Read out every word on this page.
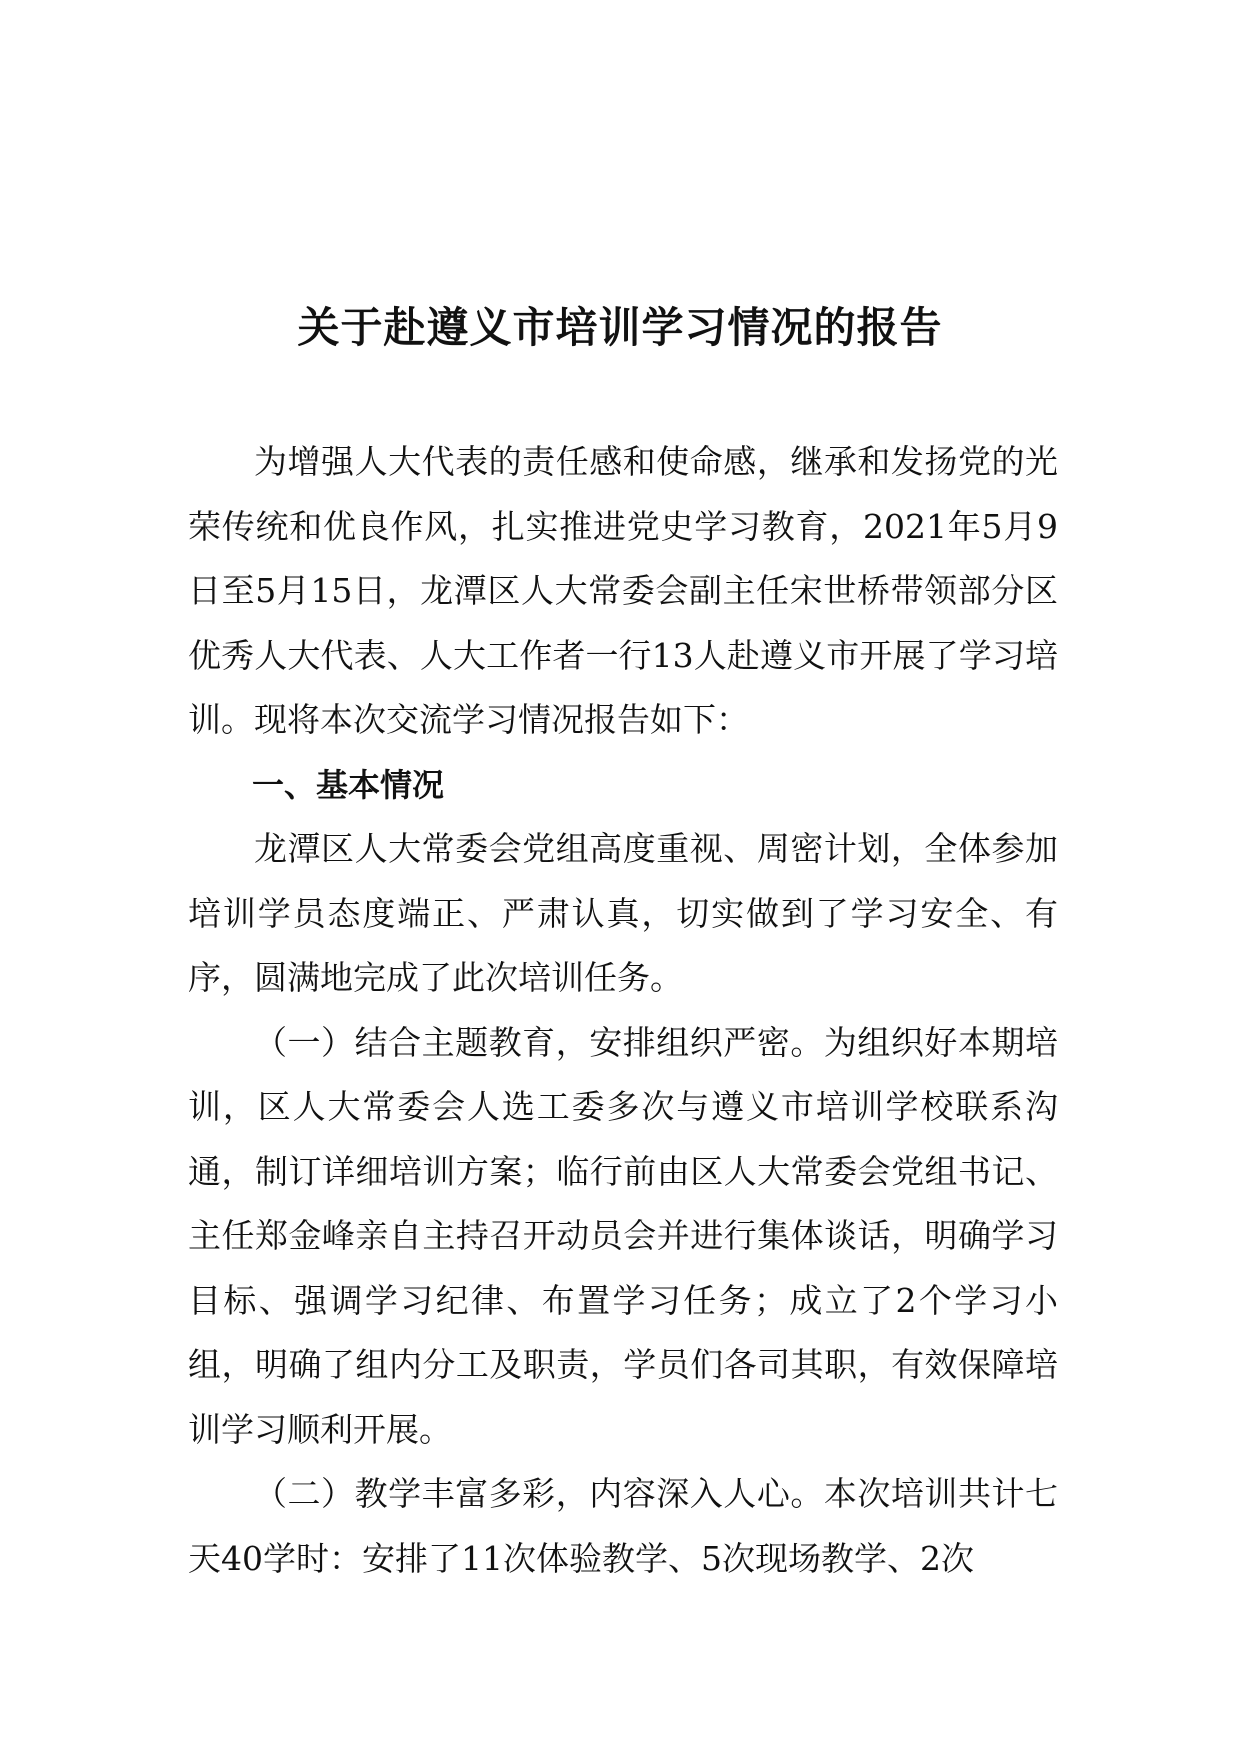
关于赴遵义市培训学习情况的报告

为增强人大代表的责任感和使命感，继承和发扬党的光荣传统和优良作风，扎实推进党史学习教育，2021年5月9日至5月15日，龙潭区人大常委会副主任宋世桥带领部分区优秀人大代表、人大工作者一行13人赴遵义市开展了学习培训。现将本次交流学习情况报告如下：

一、基本情况

龙潭区人大常委会党组高度重视、周密计划，全体参加培训学员态度端正、严肃认真，切实做到了学习安全、有序，圆满地完成了此次培训任务。

（一）结合主题教育，安排组织严密。为组织好本期培训，区人大常委会人选工委多次与遵义市培训学校联系沟通，制订详细培训方案；临行前由区人大常委会党组书记、主任郑金峰亲自主持召开动员会并进行集体谈话，明确学习目标、强调学习纪律、布置学习任务；成立了2个学习小组，明确了组内分工及职责，学员们各司其职，有效保障培训学习顺利开展。

（二）教学丰富多彩，内容深入人心。本次培训共计七天40学时：安排了11次体验教学、5次现场教学、2次
